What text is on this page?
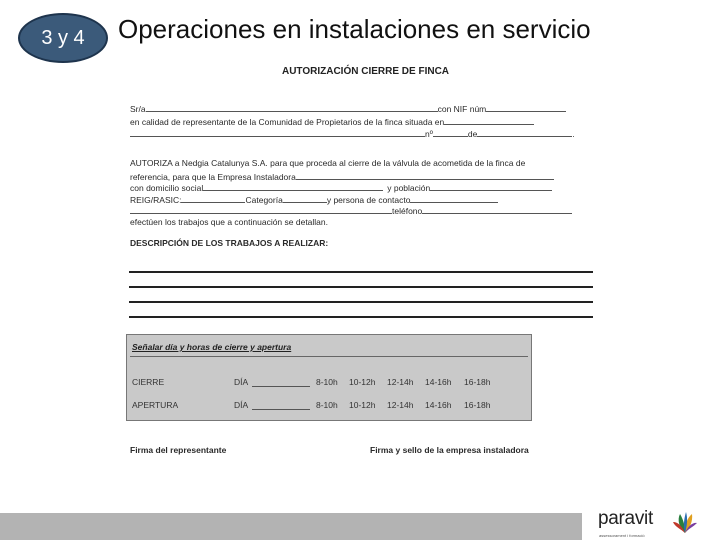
3 y 4 Operaciones en instalaciones en servicio
AUTORIZACIÓN CIERRE DE FINCA
Sr/a	con NIF núm
en calidad de representante de la Comunidad de Propietarios de la finca situada en
nº	de	.
AUTORIZA a Nedgia Catalunya S.A. para que proceda al cierre de la válvula de acometida de la finca de
referencia, para que la Empresa Instaladora
con domicilio social	y población
REIG/RASIC:	Categoría	y persona de contacto
teléfono
efectúen los trabajos que a continuación se detallan.
DESCRIPCIÓN DE LOS TRABAJOS A REALIZAR:
Señalar día y horas de cierre y apertura
CIERRE	DÍA	8-10h 10-12h 12-14h 14-16h 16-18h
APERTURA	DÍA	8-10h 10-12h 12-14h 14-16h 16-18h
Firma del representante	Firma y sello de la empresa instaladora
paravit
assessorament i formació
